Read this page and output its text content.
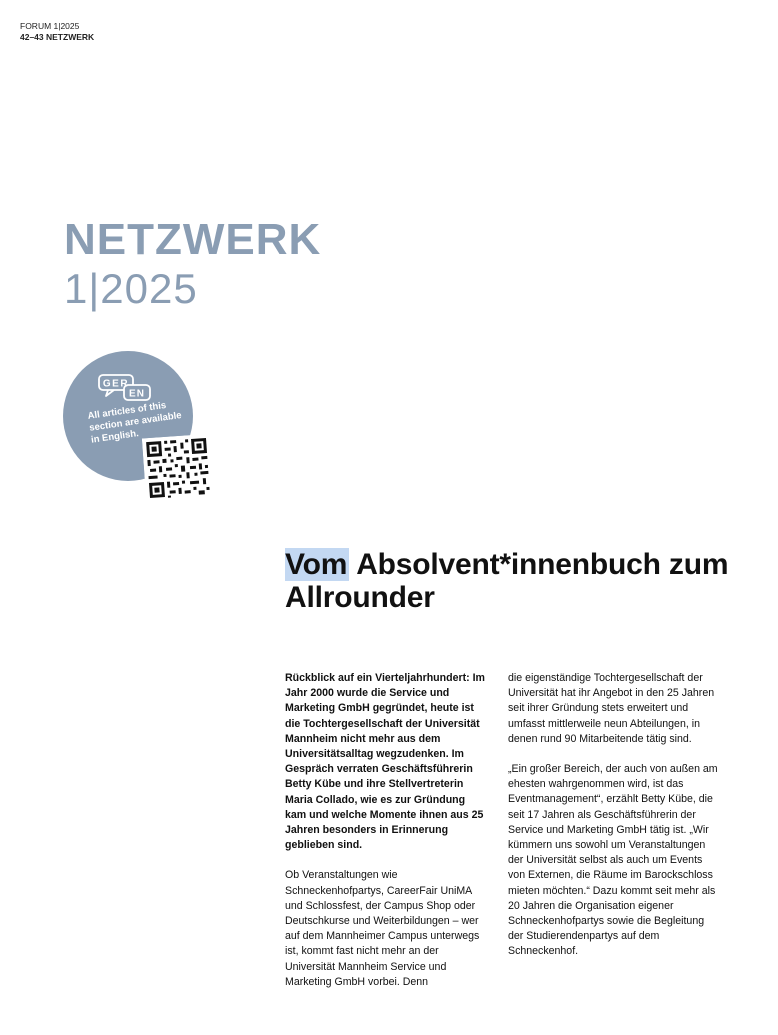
FORUM 1|2025
42–43 NETZWERK
NETZWERK
1|2025
GER
EN
All articles of this section are available in English.
Vom Absolvent*innenbuch zum Allrounder

Rückblick auf ein Vierteljahrhundert: Im Jahr 2000 wurde die Service und Marketing GmbH gegründet, heute ist die Tochtergesellschaft der Universität Mannheim nicht mehr aus dem Universitätsalltag wegzudenken. Im Gespräch verraten Geschäftsführerin Betty Kübe und ihre Stellvertreterin Maria Collado, wie es zur Gründung kam und welche Momente ihnen aus 25 Jahren besonders in Erinnerung geblieben sind.

Ob Veranstaltungen wie Schneckenhofpartys, CareerFair UniMA und Schlossfest, der Campus Shop oder Deutschkurse und Weiterbildungen – wer auf dem Mannheimer Campus unterwegs ist, kommt fast nicht mehr an der Universität Mannheim Service und Marketing GmbH vorbei. Denn

die eigenständige Tochtergesellschaft der Universität hat ihr Angebot in den 25 Jahren seit ihrer Gründung stets erweitert und umfasst mittlerweile neun Abteilungen, in denen rund 90 Mitarbeitende tätig sind.

„Ein großer Bereich, der auch von außen am ehesten wahrgenommen wird, ist das Eventmanagement“, erzählt Betty Kübe, die seit 17 Jahren als Geschäftsführerin der Service und Marketing GmbH tätig ist. „Wir kümmern uns sowohl um Veranstaltungen der Universität selbst als auch um Events von Externen, die Räume im Barockschloss mieten möchten.“ Dazu kommt seit mehr als 20 Jahren die Organisation eigener Schneckenhofpartys sowie die Begleitung der Studierendenpartys auf dem Schneckenhof.
